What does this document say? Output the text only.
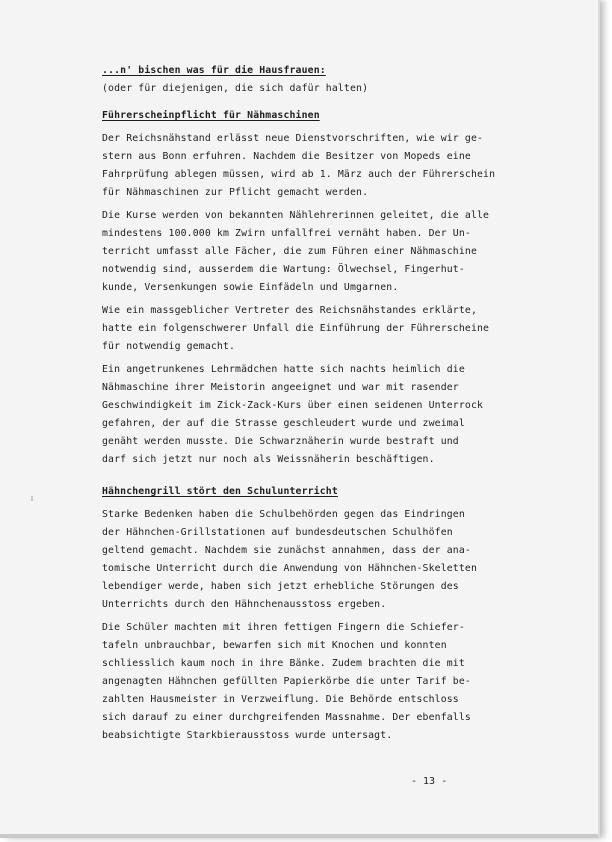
...n' bischen was für die Hausfrauen:
(oder für diejenigen, die sich dafür halten)
Führerscheinpflicht für Nähmaschinen
Der Reichsnähstand erlässt neue Dienstvorschriften, wie wir ge-
stern aus Bonn erfuhren. Nachdem die Besitzer von Mopeds eine
Fahrprüfung ablegen müssen, wird ab 1. März auch der Führerschein
für Nähmaschinen zur Pflicht gemacht werden.
Die Kurse werden von bekannten Nählehrerinnen geleitet, die alle
mindestens 100.000 km Zwirn unfallfrei vernäht haben. Der Un-
terricht umfasst alle Fächer, die zum Führen einer Nähmaschine
notwendig sind, ausserdem die Wartung: Ölwechsel, Fingerhut-
kunde, Versenkungen sowie Einfädeln und Umgarnen.
Wie ein massgeblicher Vertreter des Reichsnähstandes erklärte,
hatte ein folgenschwerer Unfall die Einführung der Führerscheine
für notwendig gemacht.
Ein angetrunkenes Lehrmädchen hatte sich nachts heimlich die
Nähmaschine ihrer Meistorin angeeignet und war mit rasender
Geschwindigkeit im Zick-Zack-Kurs über einen seidenen Unterrock
gefahren, der auf die Strasse geschleudert wurde und zweimal
genäht werden musste. Die Schwarznäherin wurde bestraft und
darf sich jetzt nur noch als Weissnäherin beschäftigen.
Hähnchengrill stört den Schulunterricht
Starke Bedenken haben die Schulbehörden gegen das Eindringen
der Hähnchen-Grillstationen auf bundesdeutschen Schulhöfen
geltend gemacht. Nachdem sie zunächst annahmen, dass der ana-
tomische Unterricht durch die Anwendung von Hähnchen-Skeletten
lebendiger werde, haben sich jetzt erhebliche Störungen des
Unterrichts durch den Hähnchenausstoss ergeben.
Die Schüler machten mit ihren fettigen Fingern die Schiefer-
tafeln unbrauchbar, bewarfen sich mit Knochen und konnten
schliesslich kaum noch in ihre Bänke. Zudem brachten die mit
angenagten Hähnchen gefüllten Papierkörbe die unter Tarif be-
zahlten Hausmeister in Verzweiflung. Die Behörde entschloss
sich darauf zu einer durchgreifenden Massnahme. Der ebenfalls
beabsichtigte Starkbierausstoss wurde untersagt.
- 13 -
